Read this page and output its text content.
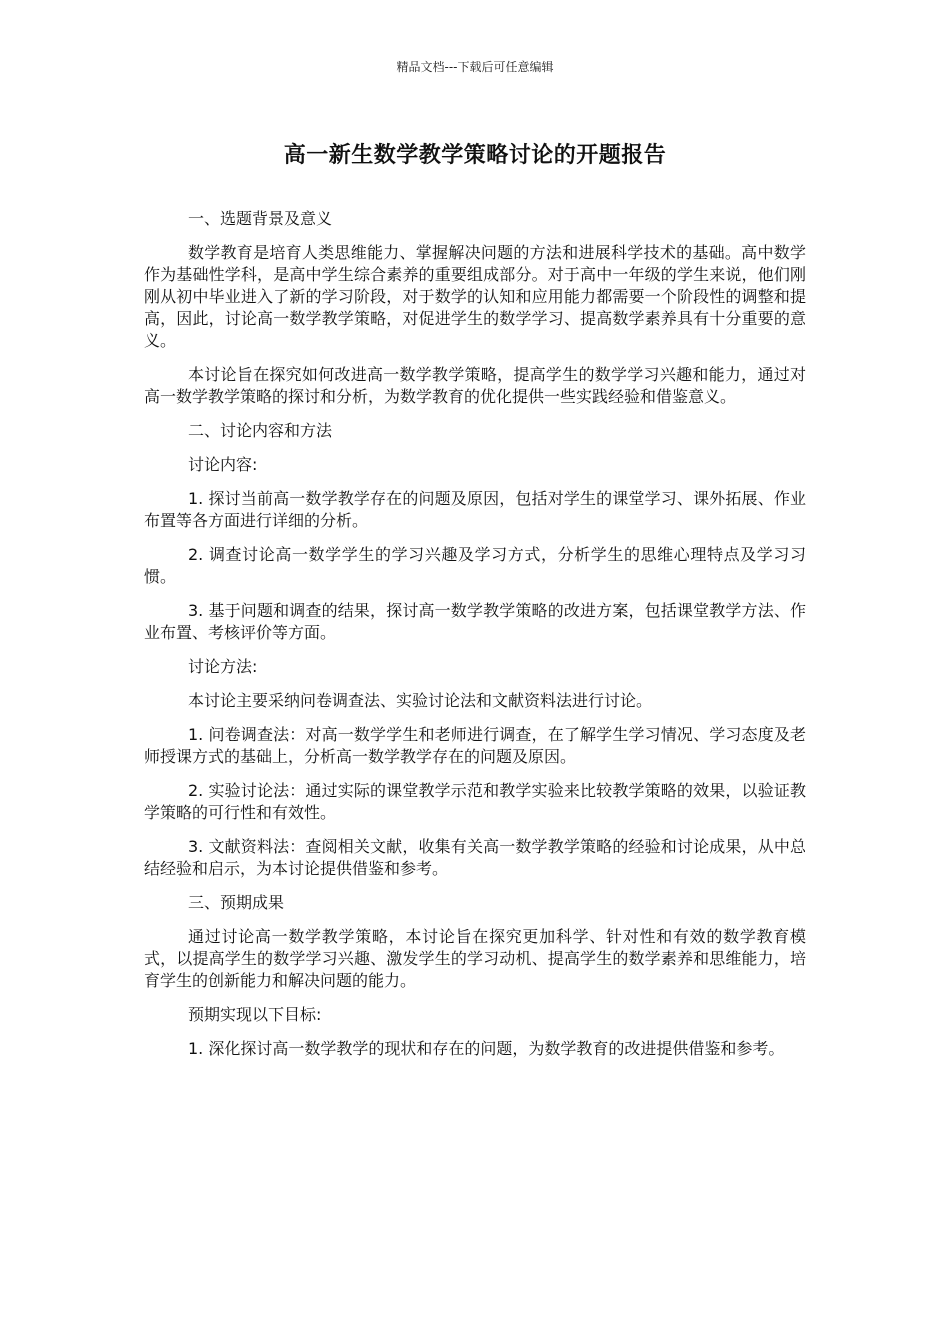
精品文档---下载后可任意编辑
高一新生数学教学策略讨论的开题报告

一、选题背景及意义

数学教育是培育人类思维能力、掌握解决问题的方法和进展科学技术的基础。高中数学作为基础性学科，是高中学生综合素养的重要组成部分。对于高中一年级的学生来说，他们刚刚从初中毕业进入了新的学习阶段，对于数学的认知和应用能力都需要一个阶段性的调整和提高，因此，讨论高一数学教学策略，对促进学生的数学学习、提高数学素养具有十分重要的意义。

本讨论旨在探究如何改进高一数学教学策略，提高学生的数学学习兴趣和能力，通过对高一数学教学策略的探讨和分析，为数学教育的优化提供一些实践经验和借鉴意义。

二、讨论内容和方法

讨论内容:

1. 探讨当前高一数学教学存在的问题及原因，包括对学生的课堂学习、课外拓展、作业布置等各方面进行详细的分析。

2. 调查讨论高一数学学生的学习兴趣及学习方式，分析学生的思维心理特点及学习习惯。

3. 基于问题和调查的结果，探讨高一数学教学策略的改进方案，包括课堂教学方法、作业布置、考核评价等方面。

讨论方法:

本讨论主要采纳问卷调查法、实验讨论法和文献资料法进行讨论。

1. 问卷调查法：对高一数学学生和老师进行调查，在了解学生学习情况、学习态度及老师授课方式的基础上，分析高一数学教学存在的问题及原因。

2. 实验讨论法：通过实际的课堂教学示范和教学实验来比较教学策略的效果，以验证教学策略的可行性和有效性。

3. 文献资料法：查阅相关文献，收集有关高一数学教学策略的经验和讨论成果，从中总结经验和启示，为本讨论提供借鉴和参考。

三、预期成果

通过讨论高一数学教学策略，本讨论旨在探究更加科学、针对性和有效的数学教育模式，以提高学生的数学学习兴趣、激发学生的学习动机、提高学生的数学素养和思维能力，培育学生的创新能力和解决问题的能力。

预期实现以下目标:

1. 深化探讨高一数学教学的现状和存在的问题，为数学教育的改进提供借鉴和参考。
